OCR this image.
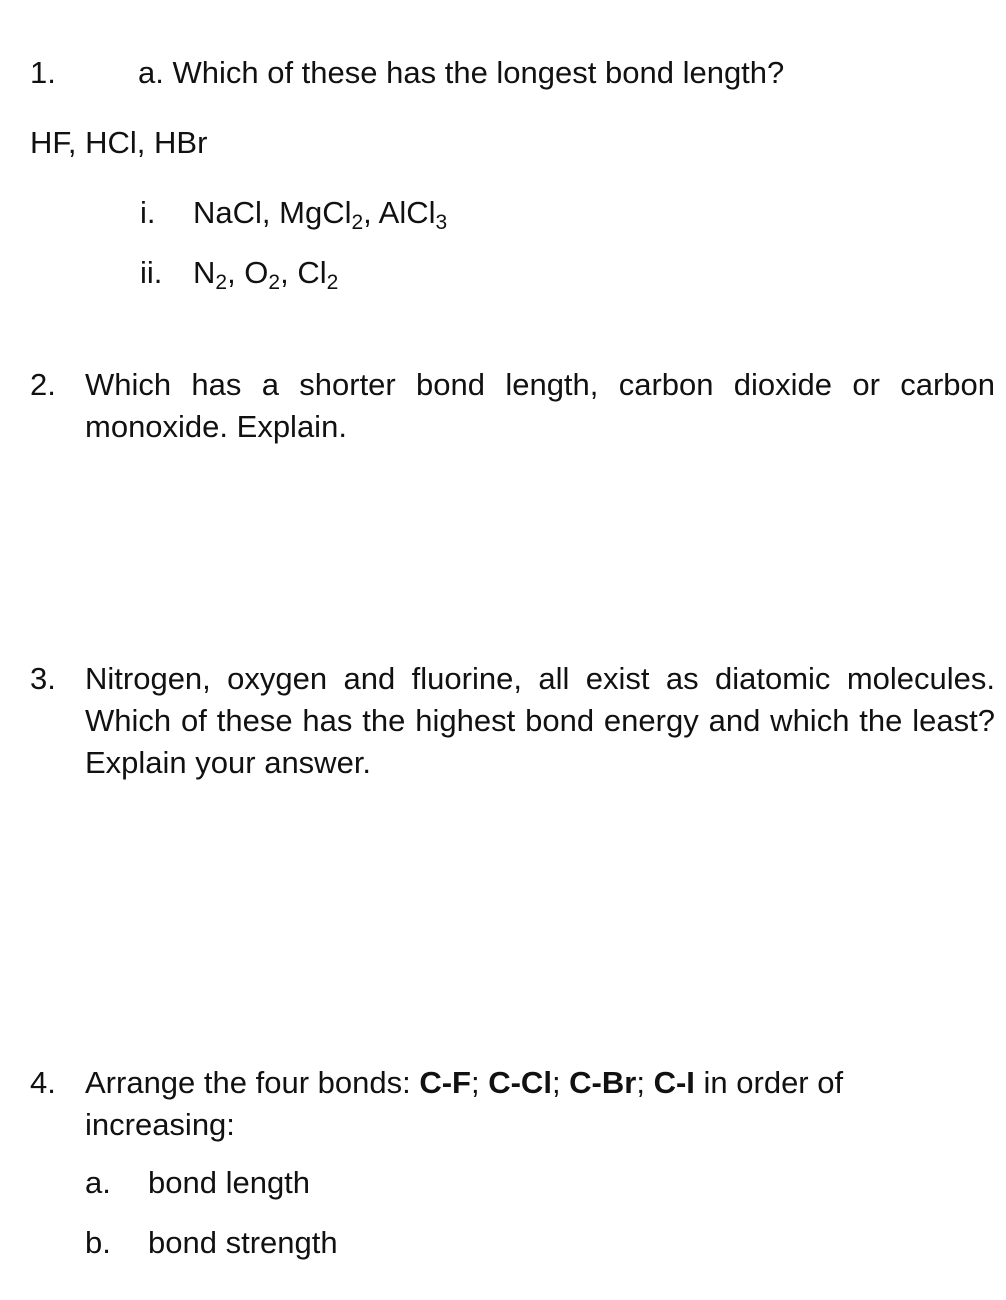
1.	a. Which of these has the longest bond length?
HF, HCl, HBr
i. NaCl, MgCl$_2$, AlCl$_3$
ii. $N_2$, $O_2$, $Cl_2$
2. Which has a shorter bond length, carbon dioxide or carbon monoxide. Explain.
3. Nitrogen, oxygen and fluorine, all exist as diatomic molecules. Which of these has the highest bond energy and which the least? Explain your answer.
4. Arrange the four bonds: C-F; C-Cl; C-Br; C-I in order of increasing:
a. bond length
b. bond strength
